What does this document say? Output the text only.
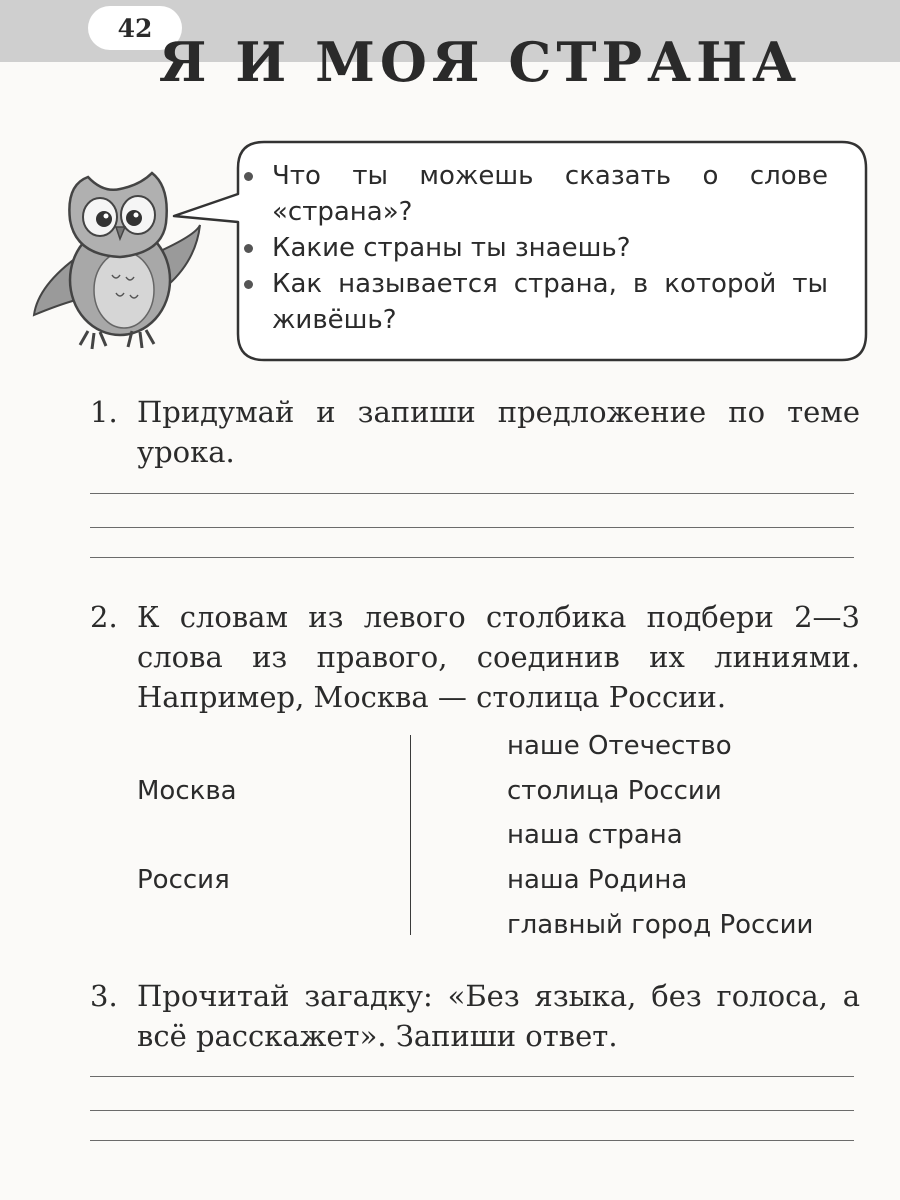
42
Я И МОЯ СТРАНА
Что ты можешь сказать о слове «страна»?
Какие страны ты знаешь?
Как называется страна, в которой ты живёшь?
1. Придумай и запиши предложение по теме урока.
2. К словам из левого столбика подбери 2—3 слова из правого, соединив их линиями. Например, Москва — столица России.
Москва
Россия
наше Отечество
столица России
наша страна
наша Родина
главный город России
3. Прочитай загадку: «Без языка, без голоса, а всё расскажет». Запиши ответ.
